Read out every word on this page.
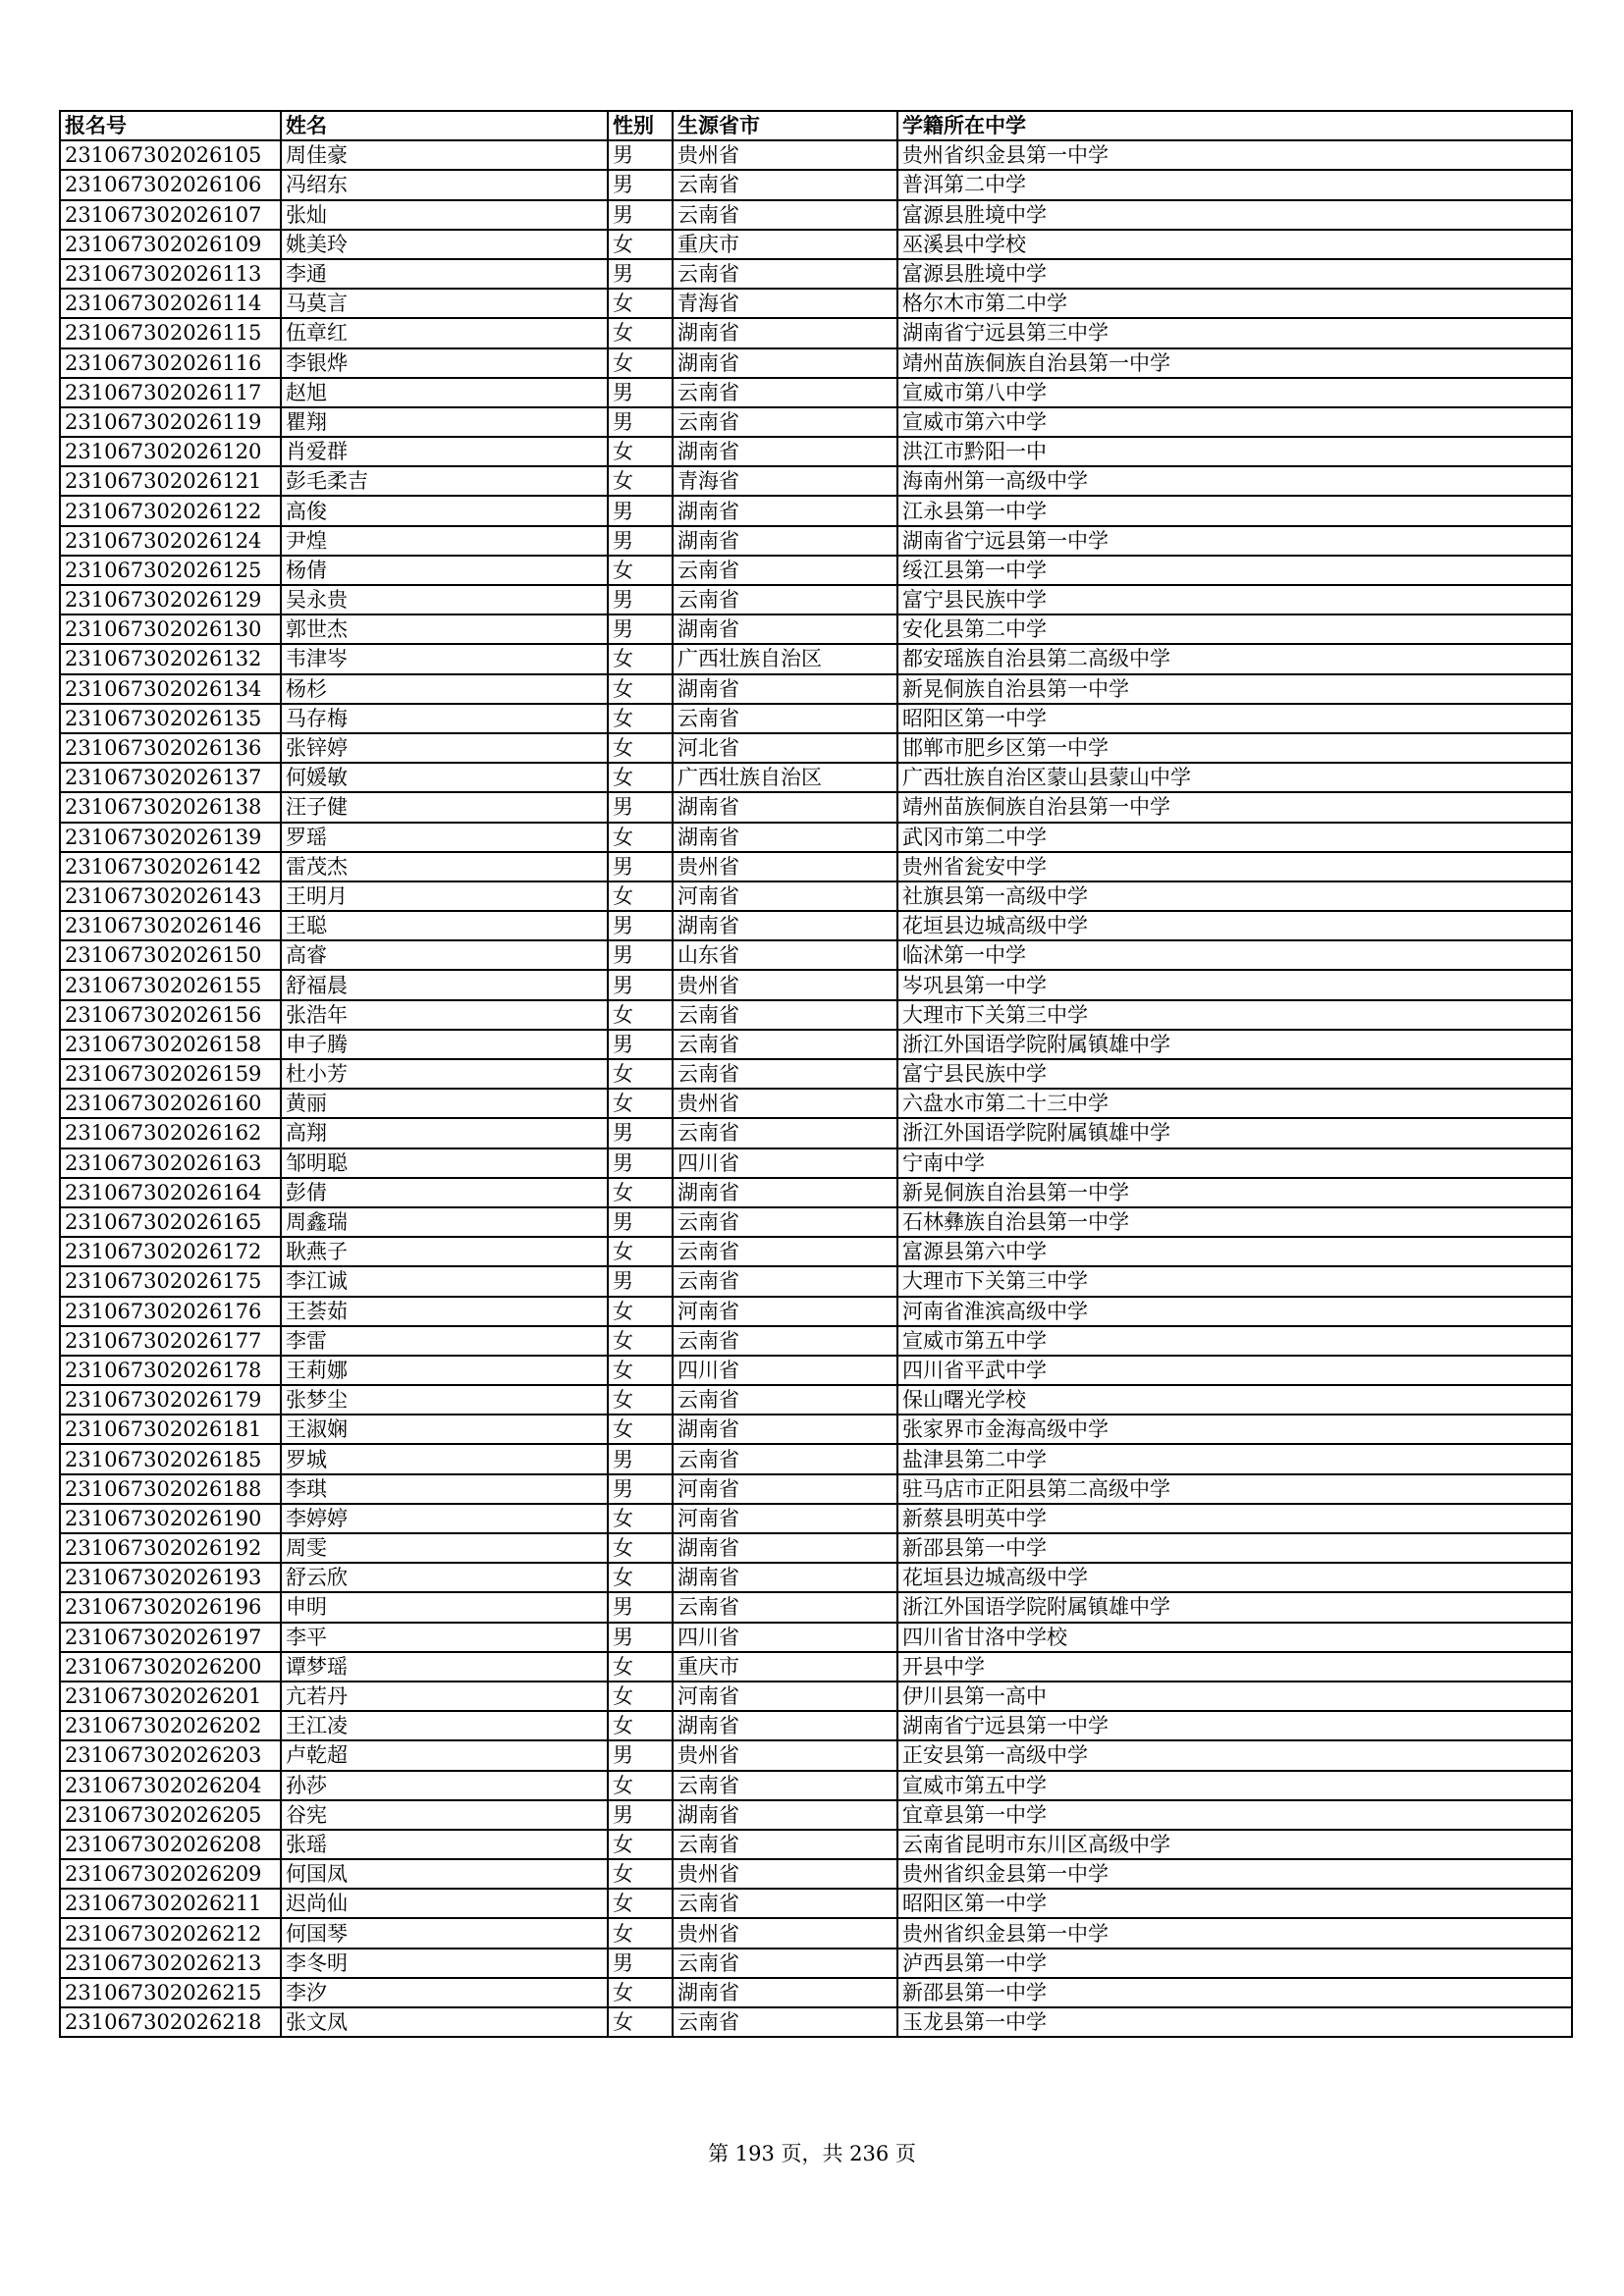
报名号	姓名	性别	生源省市	学籍所在中学
231067302026105	周佳豪	男	贵州省	贵州省织金县第一中学
231067302026106	冯绍东	男	云南省	普洱第二中学
231067302026107	张灿	男	云南省	富源县胜境中学
231067302026109	姚美玲	女	重庆市	巫溪县中学校
231067302026113	李通	男	云南省	富源县胜境中学
231067302026114	马莫言	女	青海省	格尔木市第二中学
231067302026115	伍章红	女	湖南省	湖南省宁远县第三中学
231067302026116	李银烨	女	湖南省	靖州苗族侗族自治县第一中学
231067302026117	赵旭	男	云南省	宣威市第八中学
231067302026119	瞿翔	男	云南省	宣威市第六中学
231067302026120	肖爱群	女	湖南省	洪江市黔阳一中
231067302026121	彭毛柔吉	女	青海省	海南州第一高级中学
231067302026122	高俊	男	湖南省	江永县第一中学
231067302026124	尹煌	男	湖南省	湖南省宁远县第一中学
231067302026125	杨倩	女	云南省	绥江县第一中学
231067302026129	吴永贵	男	云南省	富宁县民族中学
231067302026130	郭世杰	男	湖南省	安化县第二中学
231067302026132	韦津岑	女	广西壮族自治区	都安瑶族自治县第二高级中学
231067302026134	杨杉	女	湖南省	新晃侗族自治县第一中学
231067302026135	马存梅	女	云南省	昭阳区第一中学
231067302026136	张锌婷	女	河北省	邯郸市肥乡区第一中学
231067302026137	何媛敏	女	广西壮族自治区	广西壮族自治区蒙山县蒙山中学
231067302026138	汪子健	男	湖南省	靖州苗族侗族自治县第一中学
231067302026139	罗瑶	女	湖南省	武冈市第二中学
231067302026142	雷茂杰	男	贵州省	贵州省瓮安中学
231067302026143	王明月	女	河南省	社旗县第一高级中学
231067302026146	王聪	男	湖南省	花垣县边城高级中学
231067302026150	高睿	男	山东省	临沭第一中学
231067302026155	舒福晨	男	贵州省	岑巩县第一中学
231067302026156	张浩年	女	云南省	大理市下关第三中学
231067302026158	申子腾	男	云南省	浙江外国语学院附属镇雄中学
231067302026159	杜小芳	女	云南省	富宁县民族中学
231067302026160	黄丽	女	贵州省	六盘水市第二十三中学
231067302026162	高翔	男	云南省	浙江外国语学院附属镇雄中学
231067302026163	邹明聪	男	四川省	宁南中学
231067302026164	彭倩	女	湖南省	新晃侗族自治县第一中学
231067302026165	周鑫瑞	男	云南省	石林彝族自治县第一中学
231067302026172	耿燕子	女	云南省	富源县第六中学
231067302026175	李江诚	男	云南省	大理市下关第三中学
231067302026176	王荟茹	女	河南省	河南省淮滨高级中学
231067302026177	李雷	女	云南省	宣威市第五中学
231067302026178	王莉娜	女	四川省	四川省平武中学
231067302026179	张梦尘	女	云南省	保山曙光学校
231067302026181	王淑娴	女	湖南省	张家界市金海高级中学
231067302026185	罗城	男	云南省	盐津县第二中学
231067302026188	李琪	男	河南省	驻马店市正阳县第二高级中学
231067302026190	李婷婷	女	河南省	新蔡县明英中学
231067302026192	周雯	女	湖南省	新邵县第一中学
231067302026193	舒云欣	女	湖南省	花垣县边城高级中学
231067302026196	申明	男	云南省	浙江外国语学院附属镇雄中学
231067302026197	李平	男	四川省	四川省甘洛中学校
231067302026200	谭梦瑶	女	重庆市	开县中学
231067302026201	亢若丹	女	河南省	伊川县第一高中
231067302026202	王江凌	女	湖南省	湖南省宁远县第一中学
231067302026203	卢乾超	男	贵州省	正安县第一高级中学
231067302026204	孙莎	女	云南省	宣威市第五中学
231067302026205	谷宪	男	湖南省	宜章县第一中学
231067302026208	张瑶	女	云南省	云南省昆明市东川区高级中学
231067302026209	何国凤	女	贵州省	贵州省织金县第一中学
231067302026211	迟尚仙	女	云南省	昭阳区第一中学
231067302026212	何国琴	女	贵州省	贵州省织金县第一中学
231067302026213	李冬明	男	云南省	泸西县第一中学
231067302026215	李汐	女	湖南省	新邵县第一中学
231067302026218	张文凤	女	云南省	玉龙县第一中学
第 193 页，共 236 页
